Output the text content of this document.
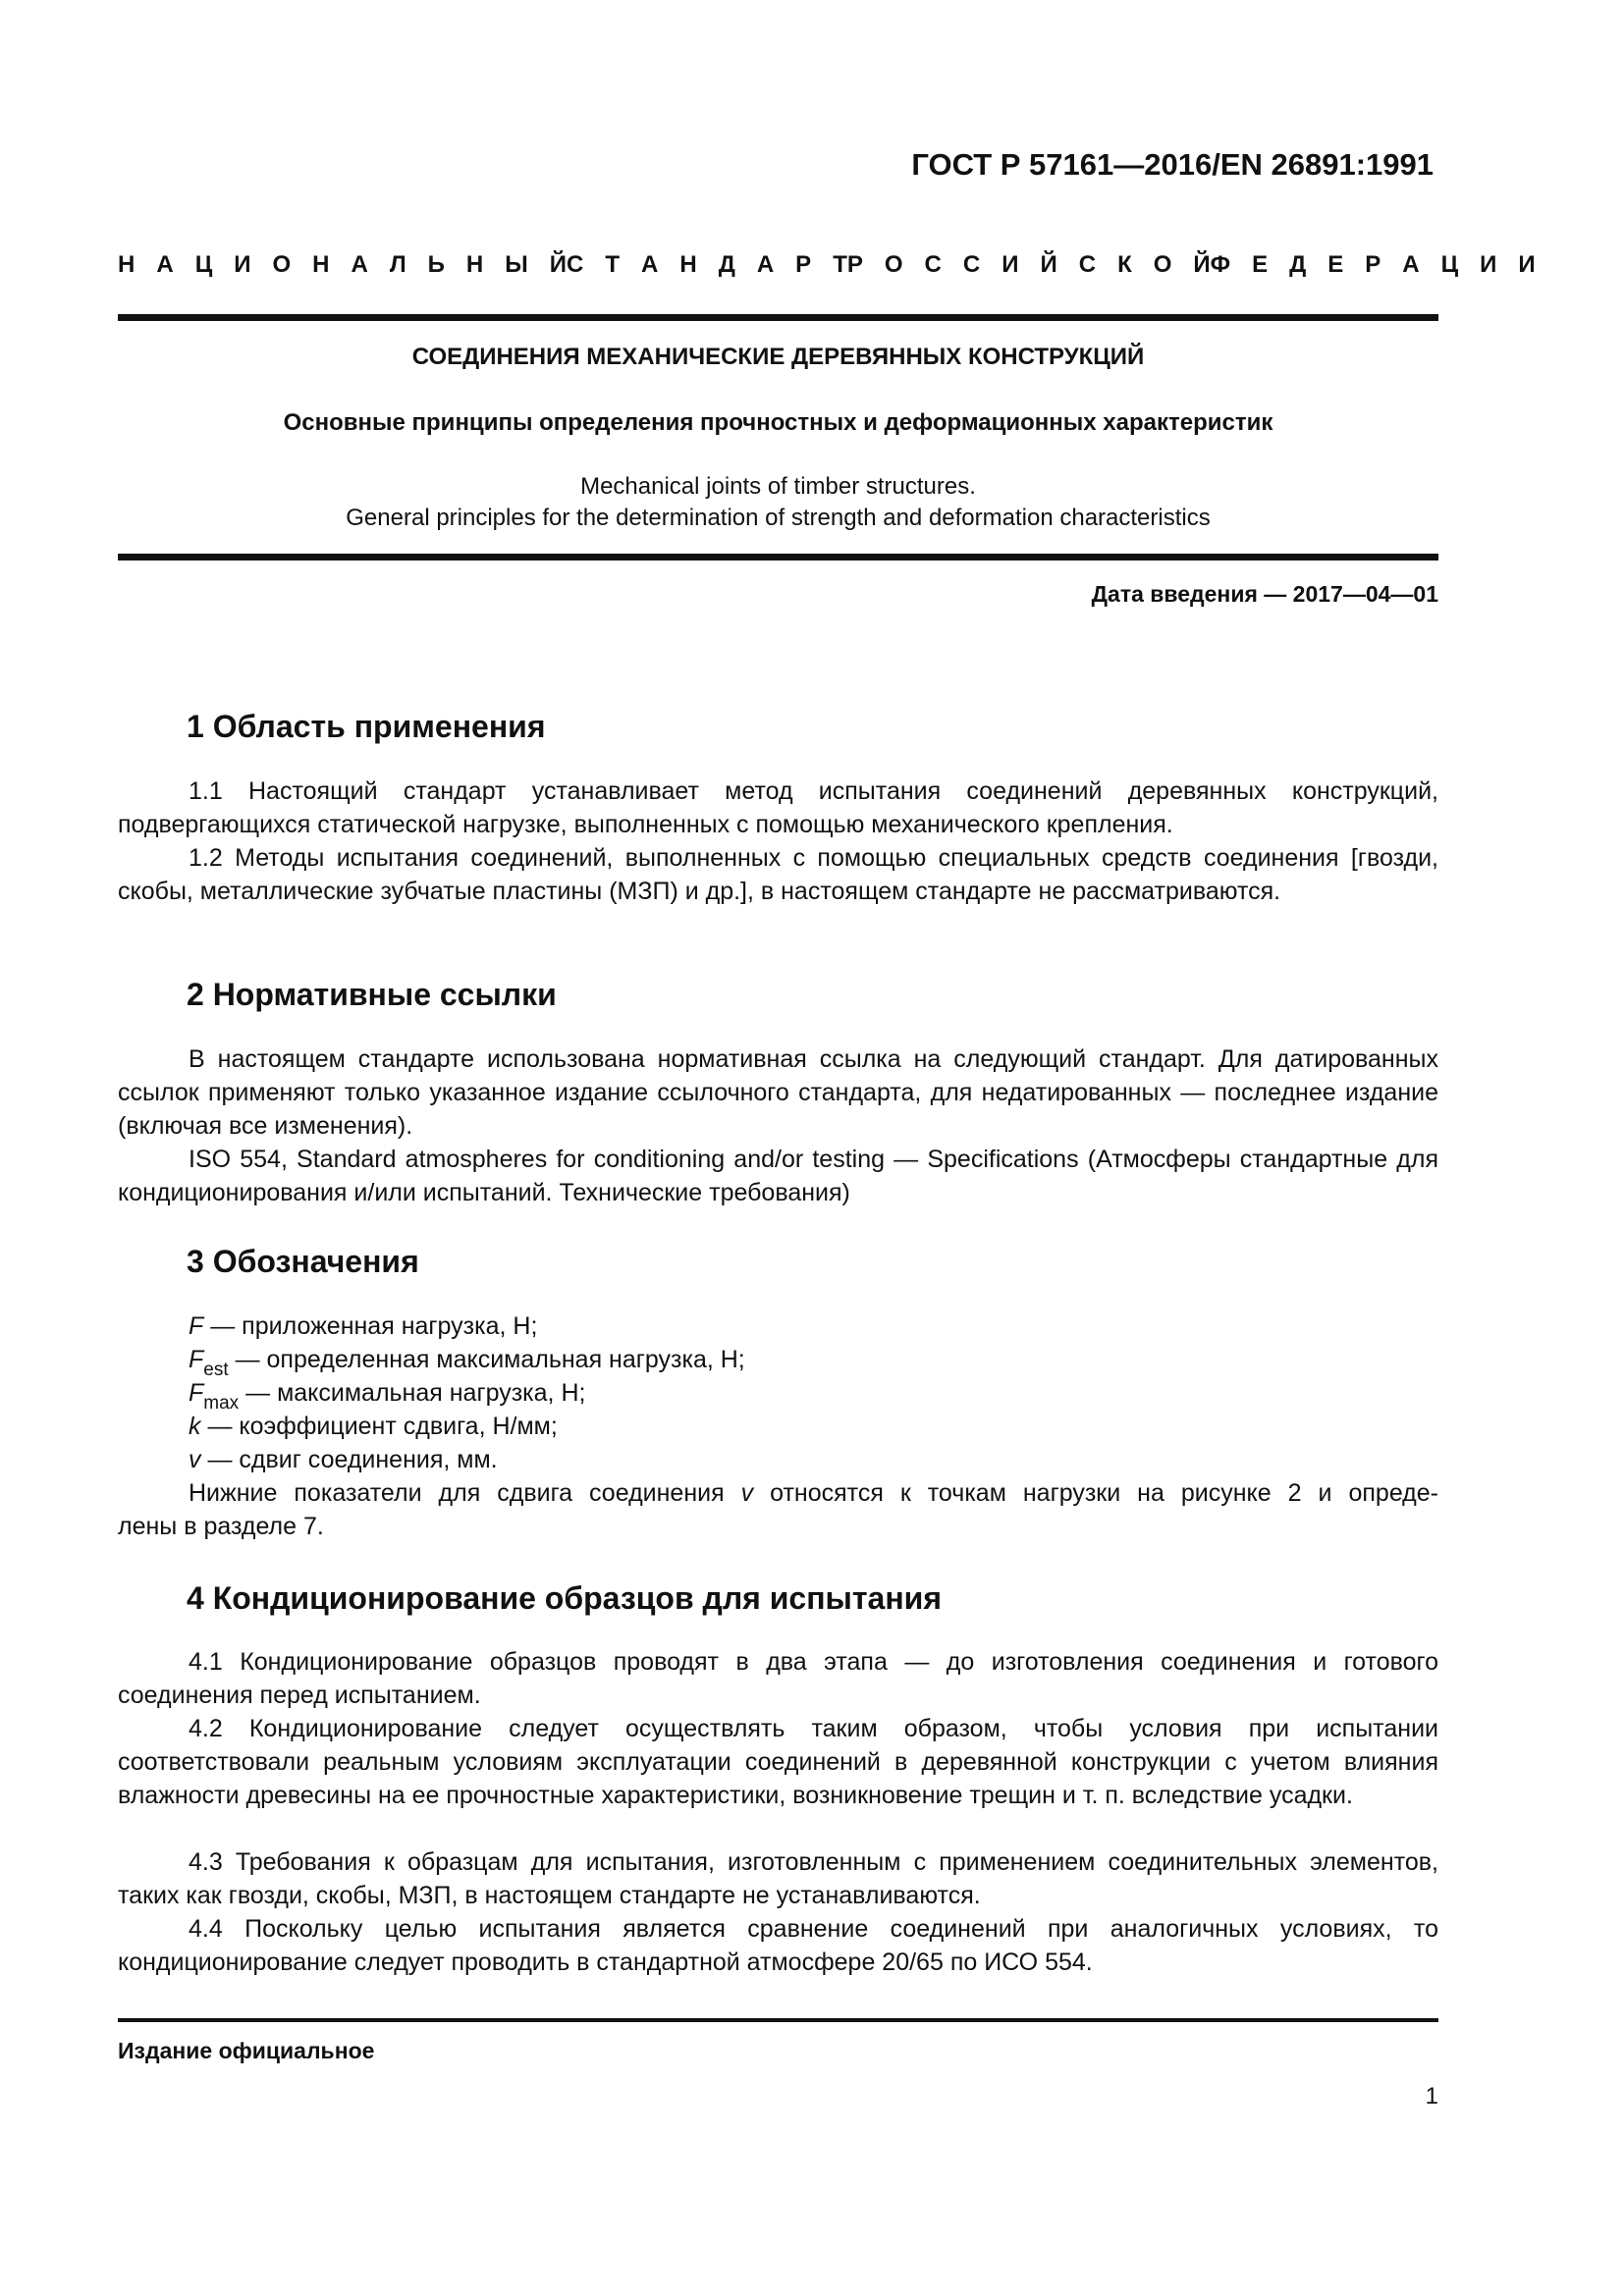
ГОСТ Р 57161—2016/EN 26891:1991
Н А Ц И О Н А Л Ь Н Ы Й С Т А Н Д А Р Т Р О С С И Й С К О Й Ф Е Д Е Р А Ц И И
СОЕДИНЕНИЯ МЕХАНИЧЕСКИЕ ДЕРЕВЯННЫХ КОНСТРУКЦИЙ
Основные принципы определения прочностных и деформационных характеристик
Mechanical joints of timber structures.
General principles for the determination of strength and deformation characteristics
Дата введения — 2017—04—01
1 Область применения
1.1 Настоящий стандарт устанавливает метод испытания соединений деревянных конструкций, подвергающихся статической нагрузке, выполненных с помощью механического крепления.
1.2 Методы испытания соединений, выполненных с помощью специальных средств соединения [гвозди, скобы, металлические зубчатые пластины (МЗП) и др.], в настоящем стандарте не рассматриваются.
2 Нормативные ссылки
В настоящем стандарте использована нормативная ссылка на следующий стандарт. Для датированных ссылок применяют только указанное издание ссылочного стандарта, для недатированных — последнее издание (включая все изменения).
ISO 554, Standard atmospheres for conditioning and/or testing — Specifications (Атмосферы стандартные для кондиционирования и/или испытаний. Технические требования)
3 Обозначения
F — приложенная нагрузка, Н;
$F_{est}$ — определенная максимальная нагрузка, Н;
$F_{max}$ — максимальная нагрузка, Н;
k — коэффициент сдвига, Н/мм;
v — сдвиг соединения, мм.
Нижние показатели для сдвига соединения v относятся к точкам нагрузки на рисунке 2 и опреде-
лены в разделе 7.
4 Кондиционирование образцов для испытания
4.1 Кондиционирование образцов проводят в два этапа — до изготовления соединения и готового соединения перед испытанием.
4.2 Кондиционирование следует осуществлять таким образом, чтобы условия при испытании соответствовали реальным условиям эксплуатации соединений в деревянной конструкции с учетом влияния влажности древесины на ее прочностные характеристики, возникновение трещин и т. п. вследствие усадки.
4.3 Требования к образцам для испытания, изготовленным с применением соединительных элементов, таких как гвозди, скобы, МЗП, в настоящем стандарте не устанавливаются.
4.4 Поскольку целью испытания является сравнение соединений при аналогичных условиях, то кондиционирование следует проводить в стандартной атмосфере 20/65 по ИСО 554.
Издание официальное
1
